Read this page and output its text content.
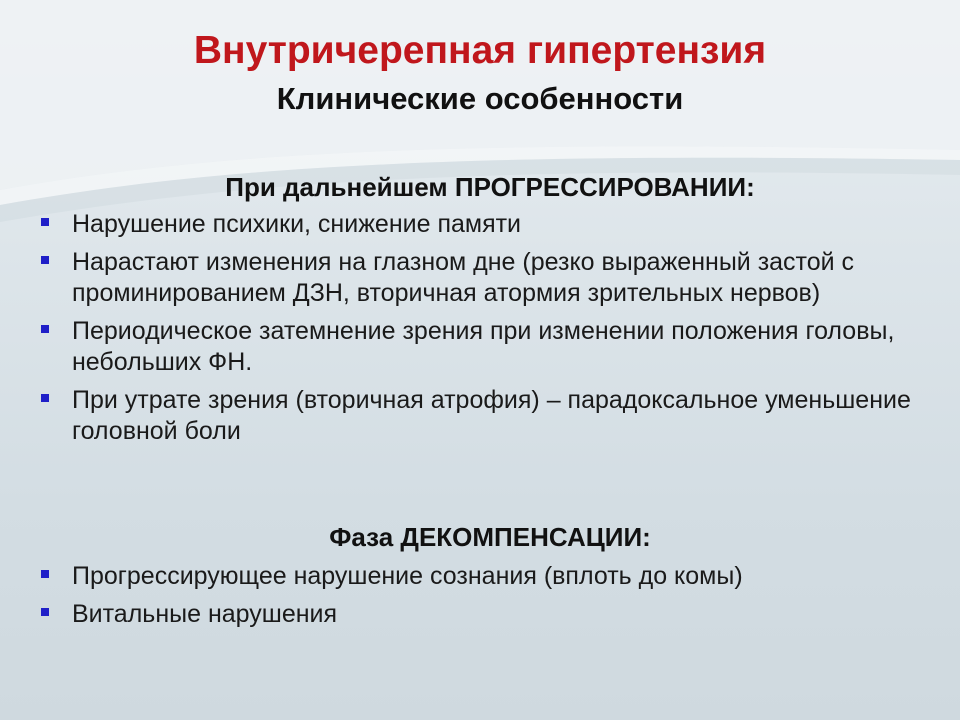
Внутричерепная гипертензия
Клинические особенности
При дальнейшем ПРОГРЕССИРОВАНИИ:
Нарушение психики, снижение памяти
Нарастают изменения на глазном дне (резко выраженный застой с проминированием ДЗН, вторичная атормия зрительных нервов)
Периодическое затемнение зрения при изменении положения головы, небольших ФН.
При утрате зрения (вторичная атрофия) – парадоксальное уменьшение головной боли
Фаза ДЕКОМПЕНСАЦИИ:
Прогрессирующее нарушение сознания (вплоть до комы)
Витальные нарушения
